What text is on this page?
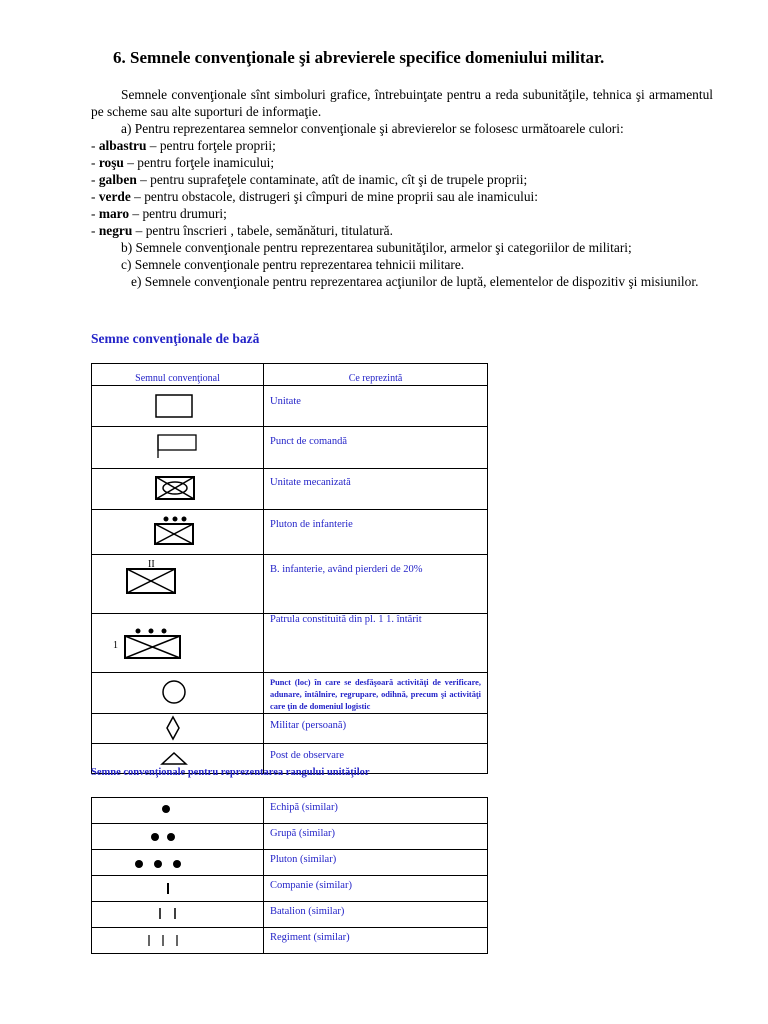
6. Semnele convenţionale şi abrevierele specifice domeniului militar.

Semnele convenţionale sînt simboluri grafice, întrebuinţate pentru a reda subunităţile, tehnica şi armamentul pe scheme sau alte suporturi de informaţie.

a) Pentru reprezentarea semnelor convenţionale şi abrevierelor se folosesc următoarele culori:

- albastru – pentru forţele proprii;

- roşu – pentru forţele inamicului;

- galben – pentru suprafeţele contaminate, atît de inamic, cît şi de trupele proprii;

- verde – pentru obstacole, distrugeri şi cîmpuri de mine proprii sau ale inamicului:

- maro – pentru drumuri;

- negru – pentru înscrieri , tabele, semănături, titulatură.

b) Semnele convenţionale pentru reprezentarea subunităţilor, armelor şi categoriilor de militari;

c) Semnele convenţionale pentru reprezentarea tehnicii militare.

e) Semnele convenţionale pentru reprezentarea acţiunilor de luptă, elementelor de dispozitiv şi misiunilor.

Semne convenţionale de bază

Semnul convenţional	Ce reprezintă

	Unitate

	Punct de comandă

	Unitate mecanizată

	Pluton de infanterie

II	B. infanterie, având pierderi de 20%

1	Patrula constituită din pl. 1 1. întărit

	Punct (loc) în care se desfăşoară activităţi de verificare, adunare, întâlnire, regrupare, odihnă, precum şi activităţi care ţin de domeniul logistic

	Militar (persoană)

	Post de observare

Semne convenţionale pentru reprezentarea rangului unităţilor

	Echipă (similar)

	Grupă (similar)

	Pluton (similar)

	Companie (similar)

	Batalion (similar)

	Regiment (similar)
